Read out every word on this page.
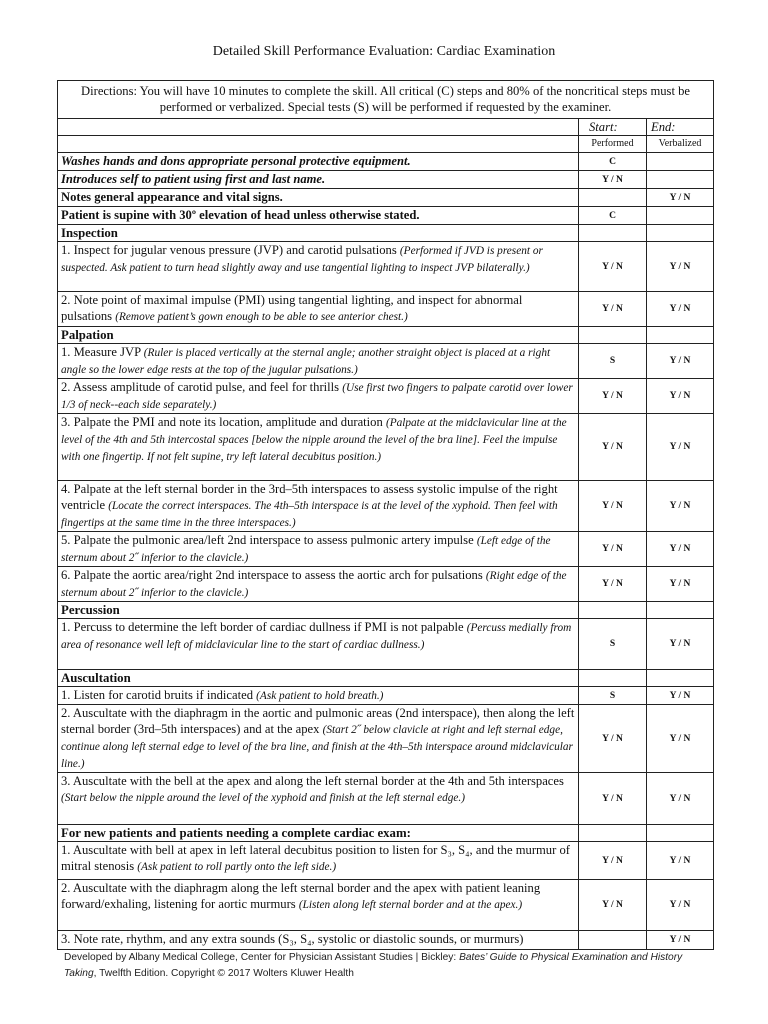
Detailed Skill Performance Evaluation: Cardiac Examination
Directions: You will have 10 minutes to complete the skill. All critical (C) steps and 80% of the noncritical steps must be performed or verbalized. Special tests (S) will be performed if requested by the examiner.		
	Start:	End:
	Performed	Verbalized
Washes hands and dons appropriate personal protective equipment.	C	
Introduces self to patient using first and last name.	Y / N	
Notes general appearance and vital signs.		Y / N
Patient is supine with 30º elevation of head unless otherwise stated.	C	
Inspection		
1. Inspect for jugular venous pressure (JVP) and carotid pulsations (Performed if JVD is present or suspected. Ask patient to turn head slightly away and use tangential lighting to inspect JVP bilaterally.)	Y / N	Y / N
2. Note point of maximal impulse (PMI) using tangential lighting, and inspect for abnormal pulsations (Remove patient’s gown enough to be able to see anterior chest.)	Y / N	Y / N
Palpation		
1. Measure JVP (Ruler is placed vertically at the sternal angle; another straight object is placed at a right angle so the lower edge rests at the top of the jugular pulsations.)	S	Y / N
2. Assess amplitude of carotid pulse, and feel for thrills (Use first two fingers to palpate carotid over lower 1/3 of neck--each side separately.)	Y / N	Y / N
3. Palpate the PMI and note its location, amplitude and duration (Palpate at the midclavicular line at the level of the 4th and 5th intercostal spaces [below the nipple around the level of the bra line]. Feel the impulse with one fingertip. If not felt supine, try left lateral decubitus position.)	Y / N	Y / N
4. Palpate at the left sternal border in the 3rd–5th interspaces to assess systolic impulse of the right ventricle (Locate the correct interspaces. The 4th–5th interspace is at the level of the xyphoid. Then feel with fingertips at the same time in the three interspaces.)	Y / N	Y / N
5. Palpate the pulmonic area/left 2nd interspace to assess pulmonic artery impulse (Left edge of the sternum about 2˝ inferior to the clavicle.)	Y / N	Y / N
6. Palpate the aortic area/right 2nd interspace to assess the aortic arch for pulsations (Right edge of the sternum about 2˝ inferior to the clavicle.)	Y / N	Y / N
Percussion		
1. Percuss to determine the left border of cardiac dullness if PMI is not palpable (Percuss medially from area of resonance well left of midclavicular line to the start of cardiac dullness.)	S	Y / N
Auscultation		
1. Listen for carotid bruits if indicated (Ask patient to hold breath.)	S	Y / N
2. Auscultate with the diaphragm in the aortic and pulmonic areas (2nd interspace), then along the left sternal border (3rd–5th interspaces) and at the apex (Start 2˝ below clavicle at right and left sternal edge, continue along left sternal edge to level of the bra line, and finish at the 4th–5th interspace around midclavicular line.)	Y / N	Y / N
3. Auscultate with the bell at the apex and along the left sternal border at the 4th and 5th interspaces (Start below the nipple around the level of the xyphoid and finish at the left sternal edge.)	Y / N	Y / N
For new patients and patients needing a complete cardiac exam:		
1. Auscultate with bell at apex in left lateral decubitus position to listen for S₃, S₄, and the murmur of mitral stenosis (Ask patient to roll partly onto the left side.)	Y / N	Y / N
2. Auscultate with the diaphragm along the left sternal border and the apex with patient leaning forward/exhaling, listening for aortic murmurs (Listen along left sternal border and at the apex.)	Y / N	Y / N
3. Note rate, rhythm, and any extra sounds (S₃, S₄, systolic or diastolic sounds, or murmurs)		Y / N
Developed by Albany Medical College, Center for Physician Assistant Studies | Bickley: Bates’ Guide to Physical Examination and History Taking, Twelfth Edition. Copyright © 2017 Wolters Kluwer Health
